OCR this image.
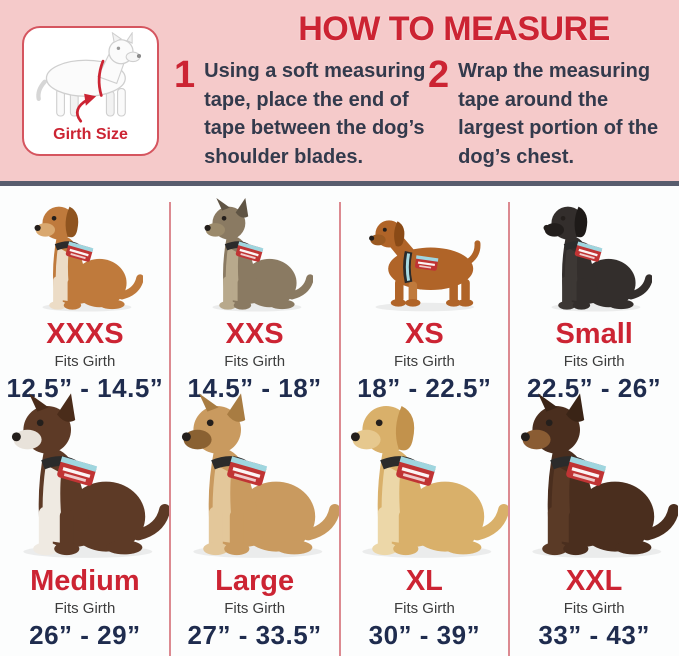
Girth Size
HOW TO MEASURE
1 Using a soft measuring tape, place the end of tape between the dog’s shoulder blades.
2 Wrap the measuring tape around the largest portion of the dog’s chest.
XXXS
Fits Girth
12.5” - 14.5”
XXS
Fits Girth
14.5” - 18”
XS
Fits Girth
18” - 22.5”
Small
Fits Girth
22.5” - 26”
Medium
Fits Girth
26” - 29”
Large
Fits Girth
27” - 33.5”
XL
Fits Girth
30” - 39”
XXL
Fits Girth
33” - 43”
